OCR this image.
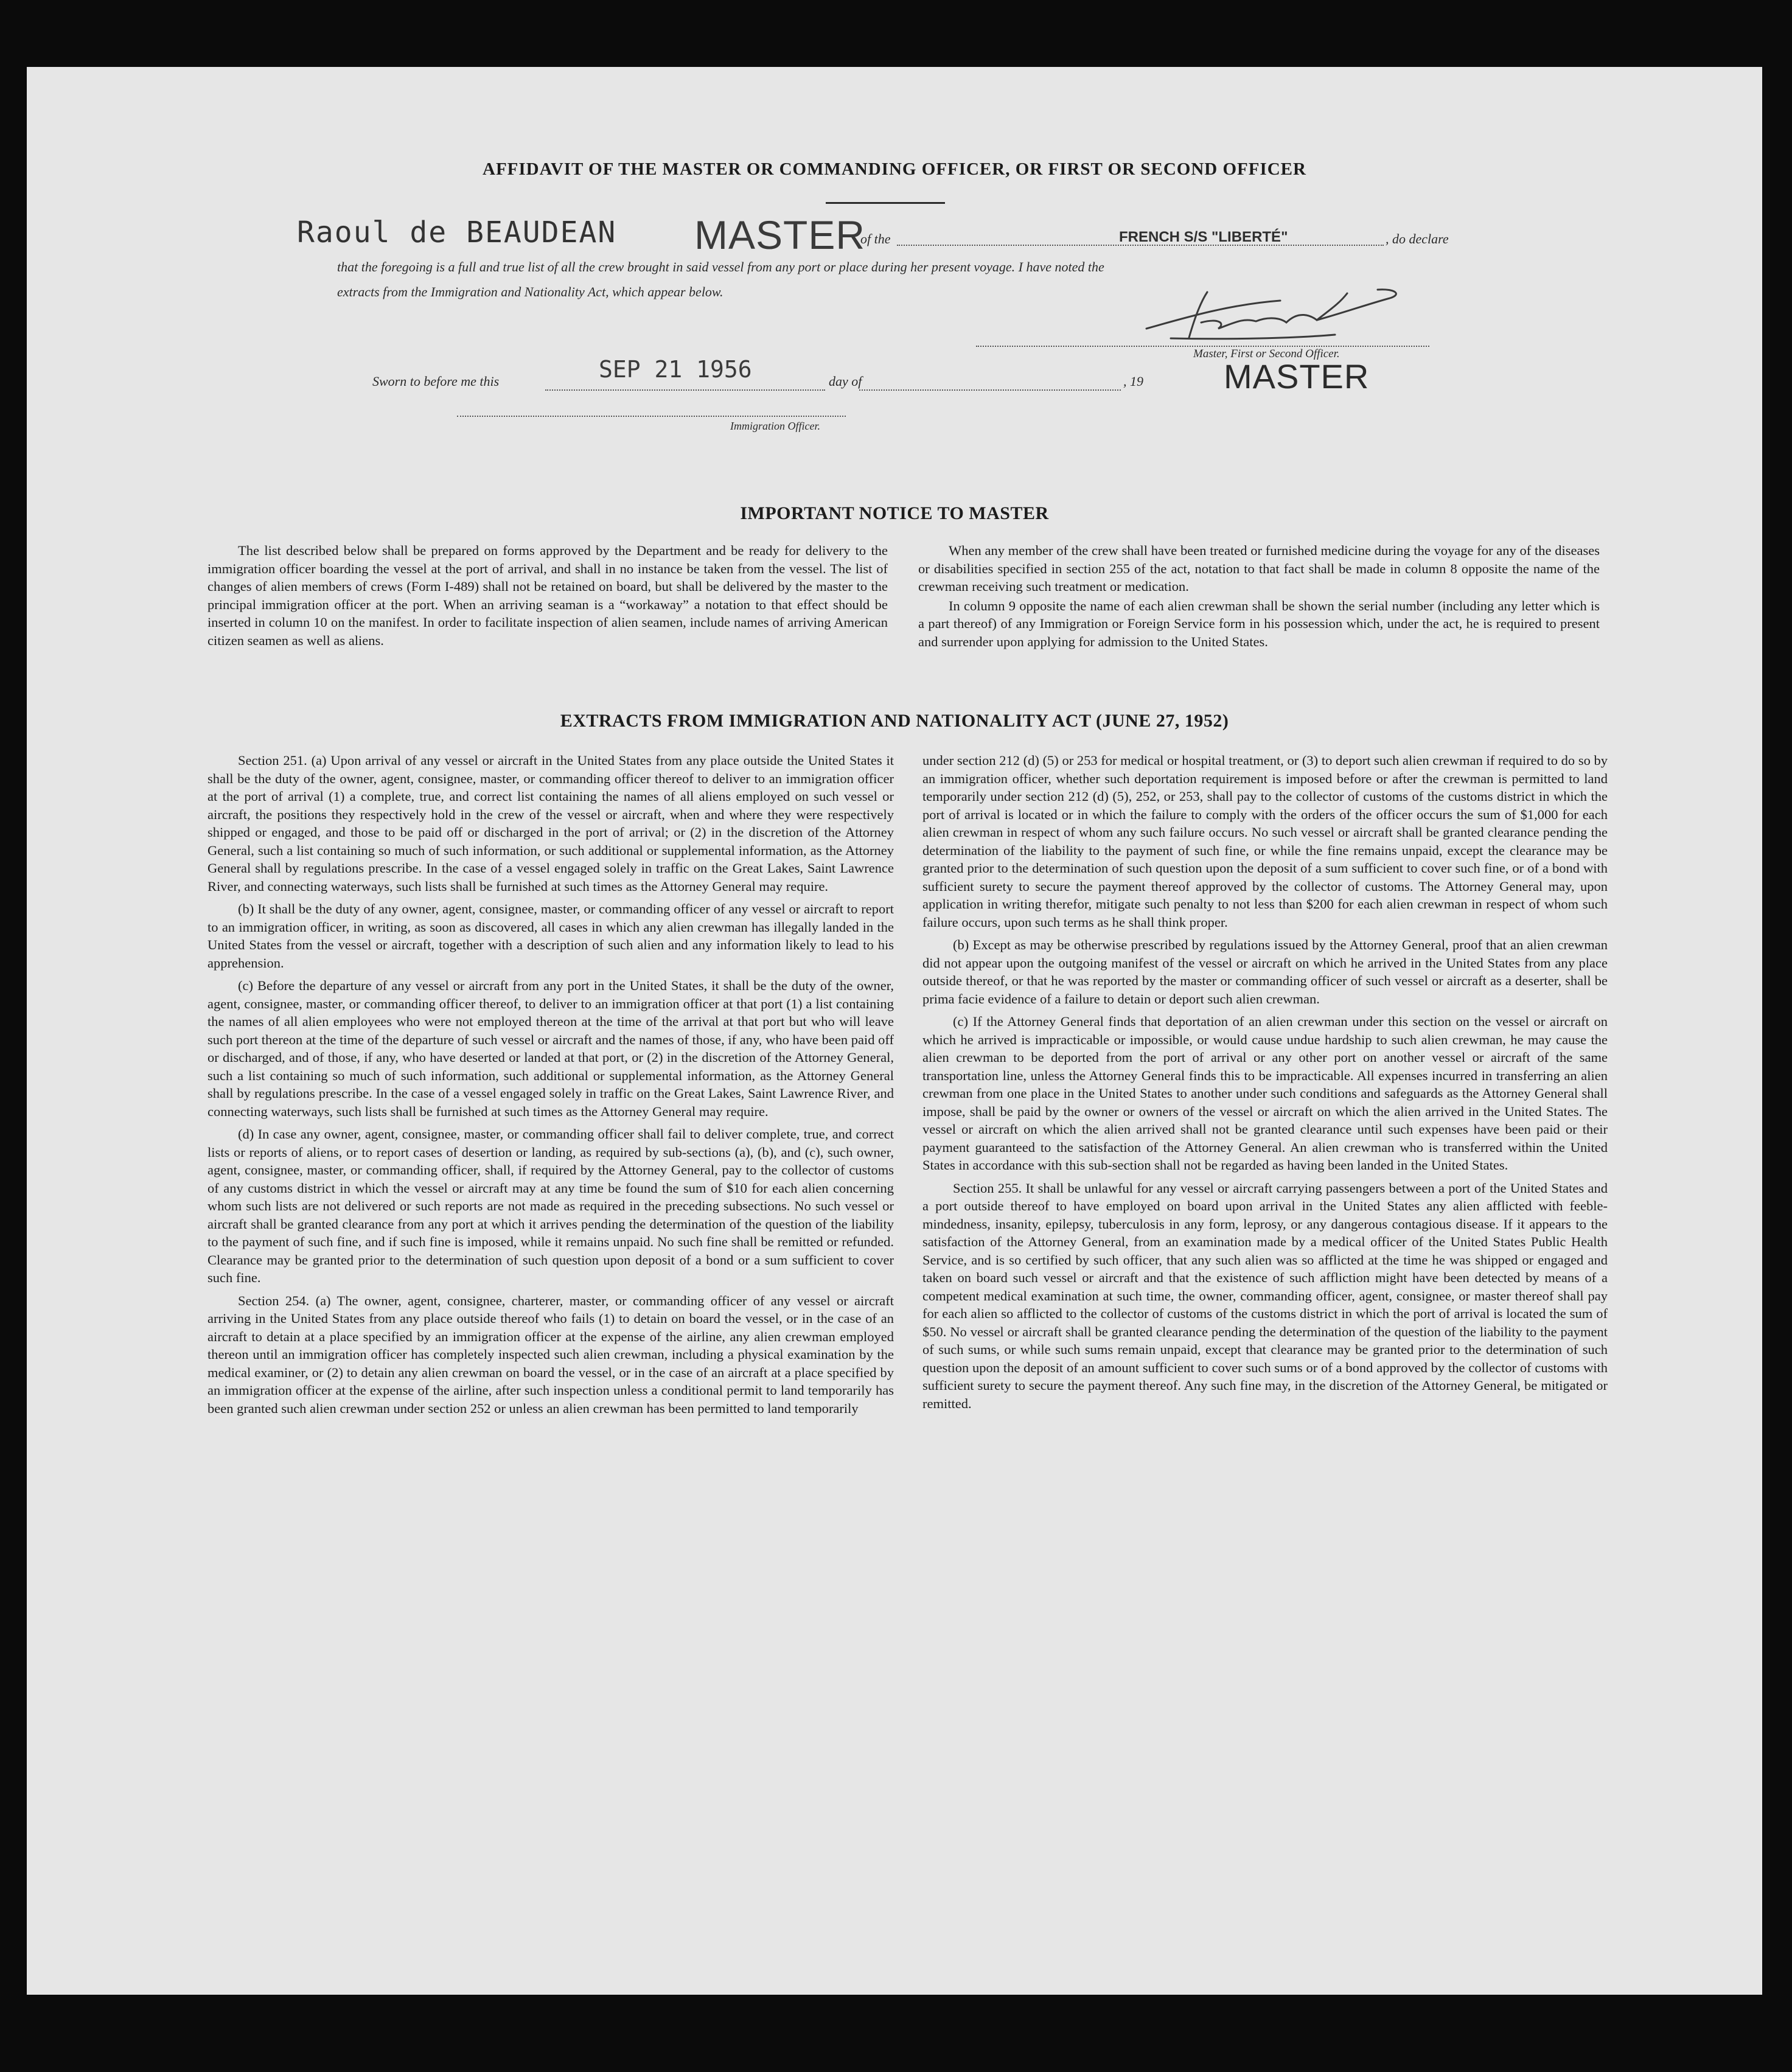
AFFIDAVIT OF THE MASTER OR COMMANDING OFFICER, OR FIRST OR SECOND OFFICER
Raoul de BEAUDEAN MASTER
of the	FRENCH S/S "LIBERTÉ"	, do declare
that the foregoing is a full and true list of all the crew brought in said vessel from any port or place during her present voyage. I have noted the
extracts from the Immigration and Nationality Act, which appear below.
Master, First or Second Officer.
MASTER
Sworn to before me this	SEP 21 1956	day of	, 19
Immigration Officer.
IMPORTANT NOTICE TO MASTER

The list described below shall be prepared on forms approved by the Department and be ready for delivery to the immigration officer boarding the vessel at the port of arrival, and shall in no instance be taken from the vessel. The list of changes of alien members of crews (Form I-489) shall not be retained on board, but shall be delivered by the master to the principal immigration officer at the port. When an arriving seaman is a “workaway” a notation to that effect should be inserted in column 10 on the manifest. In order to facilitate inspection of alien seamen, include names of arriving American citizen seamen as well as aliens.

When any member of the crew shall have been treated or furnished medicine during the voyage for any of the diseases or disabilities specified in section 255 of the act, notation to that fact shall be made in column 8 opposite the name of the crewman receiving such treatment or medication.

In column 9 opposite the name of each alien crewman shall be shown the serial number (including any letter which is a part thereof) of any Immigration or Foreign Service form in his possession which, under the act, he is required to present and surrender upon applying for admission to the United States.

EXTRACTS FROM IMMIGRATION AND NATIONALITY ACT (JUNE 27, 1952)

Section 251. (a) Upon arrival of any vessel or aircraft in the United States from any place outside the United States it shall be the duty of the owner, agent, consignee, master, or commanding officer thereof to deliver to an immigration officer at the port of arrival (1) a complete, true, and correct list containing the names of all aliens employed on such vessel or aircraft, the positions they respectively hold in the crew of the vessel or aircraft, when and where they were respectively shipped or engaged, and those to be paid off or discharged in the port of arrival; or (2) in the discretion of the Attorney General, such a list containing so much of such information, or such additional or supplemental information, as the Attorney General shall by regulations prescribe. In the case of a vessel engaged solely in traffic on the Great Lakes, Saint Lawrence River, and connecting waterways, such lists shall be furnished at such times as the Attorney General may require.

(b) It shall be the duty of any owner, agent, consignee, master, or commanding officer of any vessel or aircraft to report to an immigration officer, in writing, as soon as discovered, all cases in which any alien crewman has illegally landed in the United States from the vessel or aircraft, together with a description of such alien and any information likely to lead to his apprehension.

(c) Before the departure of any vessel or aircraft from any port in the United States, it shall be the duty of the owner, agent, consignee, master, or commanding officer thereof, to deliver to an immigration officer at that port (1) a list containing the names of all alien employees who were not employed thereon at the time of the arrival at that port but who will leave such port thereon at the time of the departure of such vessel or aircraft and the names of those, if any, who have been paid off or discharged, and of those, if any, who have deserted or landed at that port, or (2) in the discretion of the Attorney General, such a list containing so much of such information, such additional or supplemental information, as the Attorney General shall by regulations prescribe. In the case of a vessel engaged solely in traffic on the Great Lakes, Saint Lawrence River, and connecting waterways, such lists shall be furnished at such times as the Attorney General may require.

(d) In case any owner, agent, consignee, master, or commanding officer shall fail to deliver complete, true, and correct lists or reports of aliens, or to report cases of desertion or landing, as required by sub-sections (a), (b), and (c), such owner, agent, consignee, master, or commanding officer, shall, if required by the Attorney General, pay to the collector of customs of any customs district in which the vessel or aircraft may at any time be found the sum of $10 for each alien concerning whom such lists are not delivered or such reports are not made as required in the preceding subsections. No such vessel or aircraft shall be granted clearance from any port at which it arrives pending the determination of the question of the liability to the payment of such fine, and if such fine is imposed, while it remains unpaid. No such fine shall be remitted or refunded. Clearance may be granted prior to the determination of such question upon deposit of a bond or a sum sufficient to cover such fine.

Section 254. (a) The owner, agent, consignee, charterer, master, or commanding officer of any vessel or aircraft arriving in the United States from any place outside thereof who fails (1) to detain on board the vessel, or in the case of an aircraft to detain at a place specified by an immigration officer at the expense of the airline, any alien crewman employed thereon until an immigration officer has completely inspected such alien crewman, including a physical examination by the medical examiner, or (2) to detain any alien crewman on board the vessel, or in the case of an aircraft at a place specified by an immigration officer at the expense of the airline, after such inspection unless a conditional permit to land temporarily has been granted such alien crewman under section 252 or unless an alien crewman has been permitted to land temporarily

under section 212 (d) (5) or 253 for medical or hospital treatment, or (3) to deport such alien crewman if required to do so by an immigration officer, whether such deportation requirement is imposed before or after the crewman is permitted to land temporarily under section 212 (d) (5), 252, or 253, shall pay to the collector of customs of the customs district in which the port of arrival is located or in which the failure to comply with the orders of the officer occurs the sum of $1,000 for each alien crewman in respect of whom any such failure occurs. No such vessel or aircraft shall be granted clearance pending the determination of the liability to the payment of such fine, or while the fine remains unpaid, except the clearance may be granted prior to the determination of such question upon the deposit of a sum sufficient to cover such fine, or of a bond with sufficient surety to secure the payment thereof approved by the collector of customs. The Attorney General may, upon application in writing therefor, mitigate such penalty to not less than $200 for each alien crewman in respect of whom such failure occurs, upon such terms as he shall think proper.

(b) Except as may be otherwise prescribed by regulations issued by the Attorney General, proof that an alien crewman did not appear upon the outgoing manifest of the vessel or aircraft on which he arrived in the United States from any place outside thereof, or that he was reported by the master or commanding officer of such vessel or aircraft as a deserter, shall be prima facie evidence of a failure to detain or deport such alien crewman.

(c) If the Attorney General finds that deportation of an alien crewman under this section on the vessel or aircraft on which he arrived is impracticable or impossible, or would cause undue hardship to such alien crewman, he may cause the alien crewman to be deported from the port of arrival or any other port on another vessel or aircraft of the same transportation line, unless the Attorney General finds this to be impracticable. All expenses incurred in transferring an alien crewman from one place in the United States to another under such conditions and safeguards as the Attorney General shall impose, shall be paid by the owner or owners of the vessel or aircraft on which the alien arrived in the United States. The vessel or aircraft on which the alien arrived shall not be granted clearance until such expenses have been paid or their payment guaranteed to the satisfaction of the Attorney General. An alien crewman who is transferred within the United States in accordance with this sub-section shall not be regarded as having been landed in the United States.

Section 255. It shall be unlawful for any vessel or aircraft carrying passengers between a port of the United States and a port outside thereof to have employed on board upon arrival in the United States any alien afflicted with feeble-mindedness, insanity, epilepsy, tuberculosis in any form, leprosy, or any dangerous contagious disease. If it appears to the satisfaction of the Attorney General, from an examination made by a medical officer of the United States Public Health Service, and is so certified by such officer, that any such alien was so afflicted at the time he was shipped or engaged and taken on board such vessel or aircraft and that the existence of such affliction might have been detected by means of a competent medical examination at such time, the owner, commanding officer, agent, consignee, or master thereof shall pay for each alien so afflicted to the collector of customs of the customs district in which the port of arrival is located the sum of $50. No vessel or aircraft shall be granted clearance pending the determination of the question of the liability to the payment of such sums, or while such sums remain unpaid, except that clearance may be granted prior to the determination of such question upon the deposit of an amount sufficient to cover such sums or of a bond approved by the collector of customs with sufficient surety to secure the payment thereof. Any such fine may, in the discretion of the Attorney General, be mitigated or remitted.
